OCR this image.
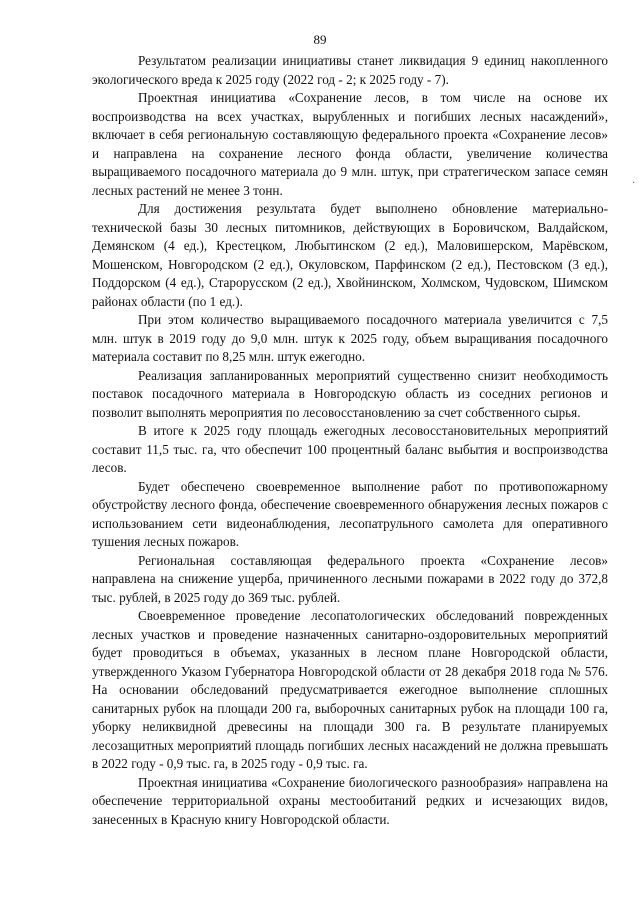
89
·

Результатом реализации инициативы станет ликвидация 9 единиц накопленного экологического вреда к 2025 году (2022 год - 2; к 2025 году - 7).

Проектная инициатива «Сохранение лесов, в том числе на основе их воспроизводства на всех участках, вырубленных и погибших лесных насаждений», включает в себя региональную составляющую федерального проекта «Сохранение лесов» и направлена на сохранение лесного фонда области, увеличение количества выращиваемого посадочного материала до 9 млн. штук, при стратегическом запасе семян лесных растений не менее 3 тонн.

Для достижения результата будет выполнено обновление материально-технической базы 30 лесных питомников, действующих в Боровичском, Валдайском, Демянском (4 ед.), Крестецком, Любытинском (2 ед.), Маловишерском, Марёвском, Мошенском, Новгородском (2 ед.), Окуловском, Парфинском (2 ед.), Пестовском (3 ед.), Поддорском (4 ед.), Старорусском (2 ед.), Хвойнинском, Холмском, Чудовском, Шимском районах области (по 1 ед.).

При этом количество выращиваемого посадочного материала увеличится с 7,5 млн. штук в 2019 году до 9,0 млн. штук к 2025 году, объем выращивания посадочного материала составит по 8,25 млн. штук ежегодно.

Реализация запланированных мероприятий существенно снизит необходимость поставок посадочного материала в Новгородскую область из соседних регионов и позволит выполнять мероприятия по лесовосстановлению за счет собственного сырья.

В итоге к 2025 году площадь ежегодных лесовосстановительных мероприятий составит 11,5 тыс. га, что обеспечит 100 процентный баланс выбытия и воспроизводства лесов.

Будет обеспечено своевременное выполнение работ по противопожарному обустройству лесного фонда, обеспечение своевременного обнаружения лесных пожаров с использованием сети видеонаблюдения, лесопатрульного самолета для оперативного тушения лесных пожаров.

Региональная составляющая федерального проекта «Сохранение лесов» направлена на снижение ущерба, причиненного лесными пожарами в 2022 году до 372,8 тыс. рублей, в 2025 году до 369 тыс. рублей.

Своевременное проведение лесопатологических обследований поврежденных лесных участков и проведение назначенных санитарно-оздоровительных мероприятий будет проводиться в объемах, указанных в лесном плане Новгородской области, утвержденного Указом Губернатора Новгородской области от 28 декабря 2018 года № 576. На основании обследований предусматривается ежегодное выполнение сплошных санитарных рубок на площади 200 га, выборочных санитарных рубок на площади 100 га, уборку неликвидной древесины на площади 300 га. В результате планируемых лесозащитных мероприятий площадь погибших лесных насаждений не должна превышать в 2022 году - 0,9 тыс. га, в 2025 году - 0,9 тыс. га.

Проектная инициатива «Сохранение биологического разнообразия» направлена на обеспечение территориальной охраны местообитаний редких и исчезающих видов, занесенных в Красную книгу Новгородской области.
